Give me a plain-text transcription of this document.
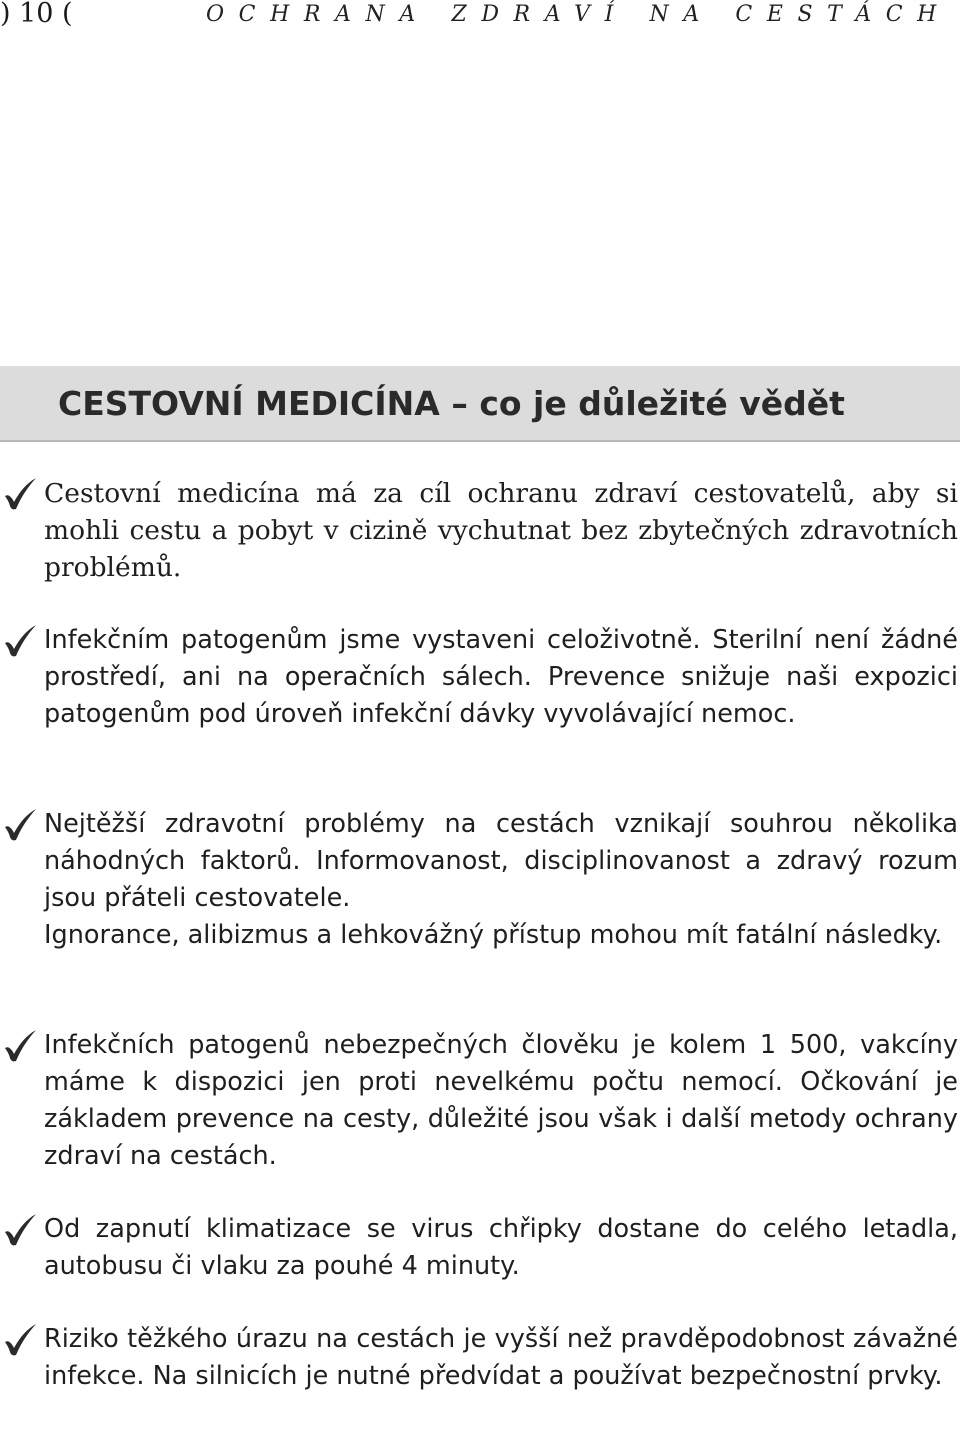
) 10 (	OCHRANA ZDRAVÍ NA CESTÁCH
CESTOVNÍ MEDICÍNA – co je důležité vědět

Cestovní medicína má za cíl ochranu zdraví cestovatelů, aby si mohli cestu a pobyt v cizině vychutnat bez zbytečných zdravotních problémů.

Infekčním patogenům jsme vystaveni celoživotně. Sterilní není žádné prostředí, ani na operačních sálech. Prevence snižuje naši expozici patogenům pod úroveň infekční dávky vyvolávající nemoc.

Nejtěžší zdravotní problémy na cestách vznikají souhrou několika náhodných faktorů. Informovanost, disciplinovanost a zdravý rozum jsou přáteli cestovatele.
Ignorance, alibizmus a lehkovážný přístup mohou mít fatální následky.

Infekčních patogenů nebezpečných člověku je kolem 1 500, vakcíny máme k dispozici jen proti nevelkému počtu nemocí. Očkování je základem prevence na cesty, důležité jsou však i další metody ochrany zdraví na cestách.

Od zapnutí klimatizace se virus chřipky dostane do celého letadla, autobusu či vlaku za pouhé 4 minuty.

Riziko těžkého úrazu na cestách je vyšší než pravděpodobnost závažné infekce. Na silnicích je nutné předvídat a používat bezpečnostní prvky.
